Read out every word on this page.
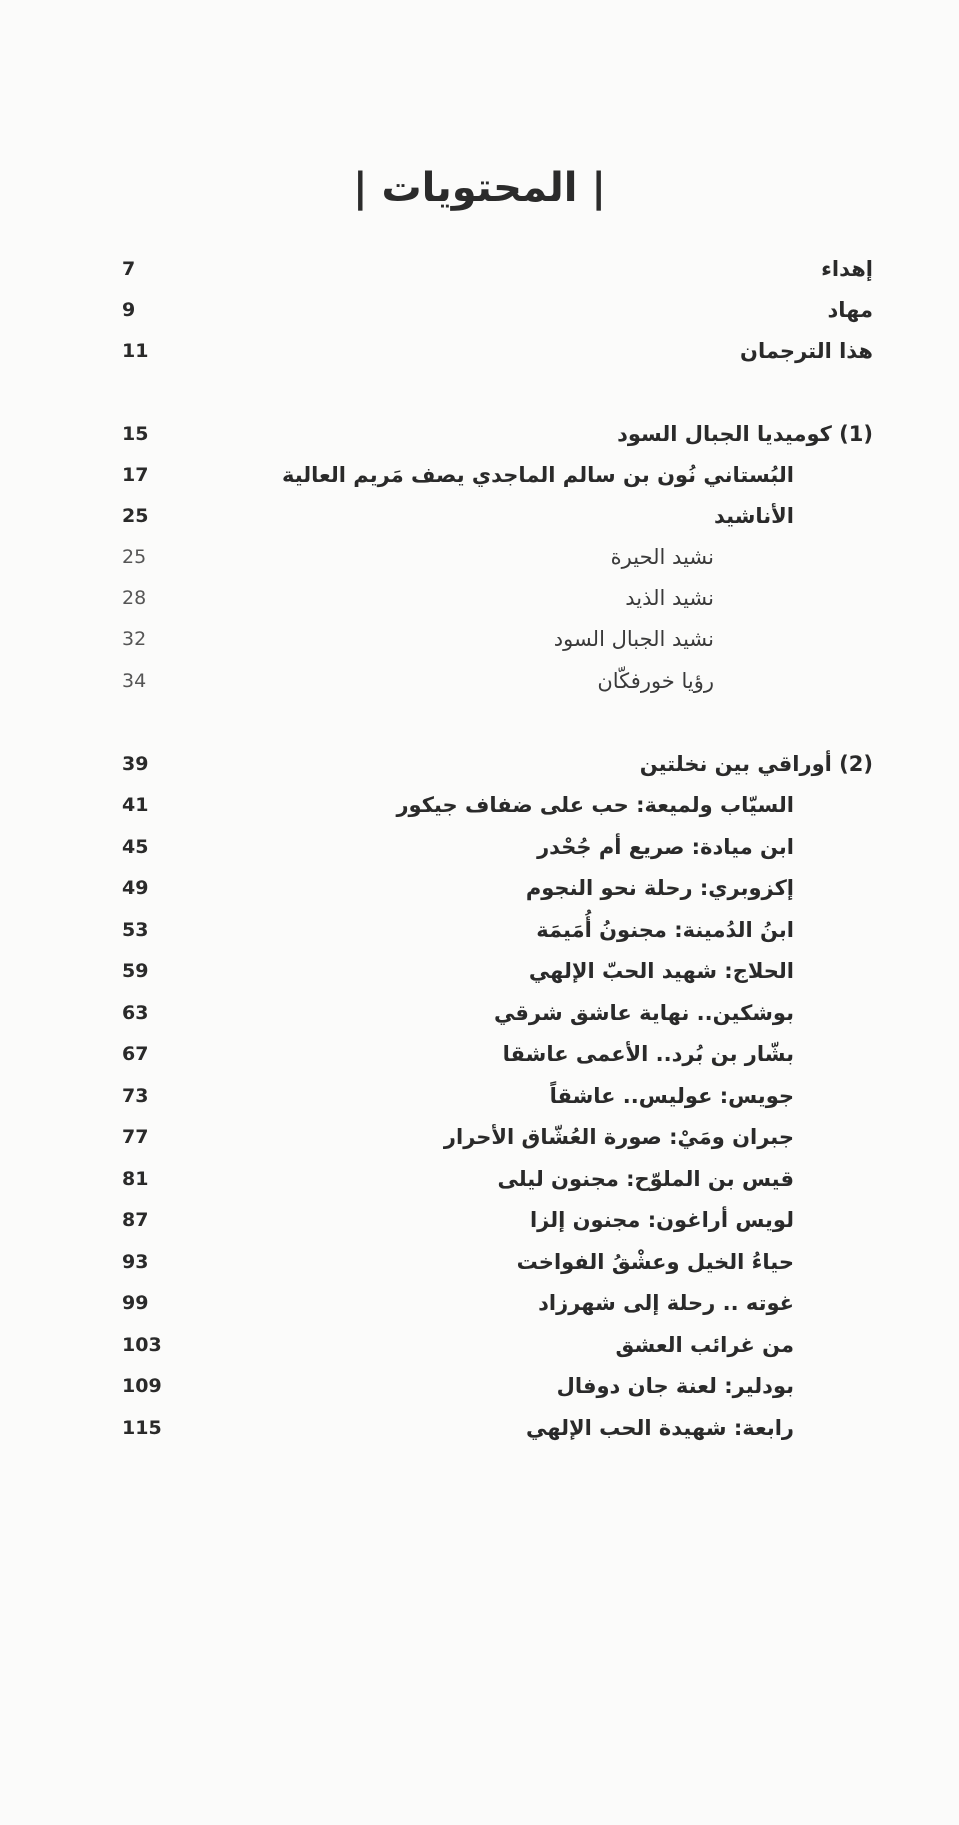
| المحتويات |
إهداء
7
مهاد
9
هذا الترجمان
11
(1) كوميديا الجبال السود
15
البُستاني نُون بن سالم الماجدي يصف مَريم العالية
17
الأناشيد
25
نشيد الحيرة
25
نشيد الذيد
28
نشيد الجبال السود
32
رؤيا خورفكّان
34
(2) أوراقي بين نخلتين
39
السيّاب ولميعة: حب على ضفاف جيكور
41
ابن ميادة: صريع أم جُحْدر
45
إكزوبري: رحلة نحو النجوم
49
ابنُ الدُمينة: مجنونُ أُمَيمَة
53
الحلاج: شهيد الحبّ الإلهي
59
بوشكين.. نهاية عاشق شرقي
63
بشّار بن بُرد.. الأعمى عاشقا
67
جويس: عوليس.. عاشقاً
73
جبران ومَيْ: صورة العُشّاق الأحرار
77
قيس بن الملوّح: مجنون ليلى
81
لويس أراغون: مجنون إلزا
87
حياءُ الخيل وعشْقُ الفواخت
93
غوته .. رحلة إلى شهرزاد
99
من غرائب العشق
103
بودلير: لعنة جان دوفال
109
رابعة: شهيدة الحب الإلهي
115
